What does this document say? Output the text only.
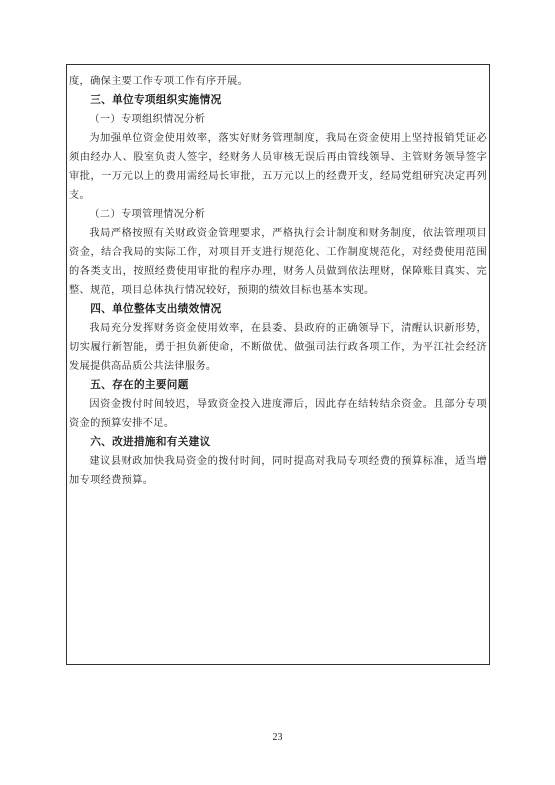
度，确保主要工作专项工作有序开展。

三、单位专项组织实施情况

（一）专项组织情况分析

为加强单位资金使用效率，落实好财务管理制度，我局在资金使用上坚持报销凭证必须由经办人、股室负责人签字，经财务人员审核无误后再由管线领导、主管财务领导签字审批，一万元以上的费用需经局长审批，五万元以上的经费开支，经局党组研究决定再列支。

（二）专项管理情况分析

我局严格按照有关财政资金管理要求，严格执行会计制度和财务制度，依法管理项目资金，结合我局的实际工作，对项目开支进行规范化、工作制度规范化，对经费使用范围的各类支出，按照经费使用审批的程序办理，财务人员做到依法理财，保障账目真实、完整、规范，项目总体执行情况较好，预期的绩效目标也基本实现。

四、单位整体支出绩效情况

我局充分发挥财务资金使用效率，在县委、县政府的正确领导下，清醒认识新形势，切实履行新智能，勇于担负新使命，不断做优、做强司法行政各项工作，为平江社会经济发展提供高品质公共法律服务。

五、存在的主要问题

因资金拨付时间较迟，导致资金投入进度滞后，因此存在结转结余资金。且部分专项资金的预算安排不足。

六、改进措施和有关建议

建议县财政加快我局资金的拨付时间，同时提高对我局专项经费的预算标准，适当增加专项经费预算。

23
